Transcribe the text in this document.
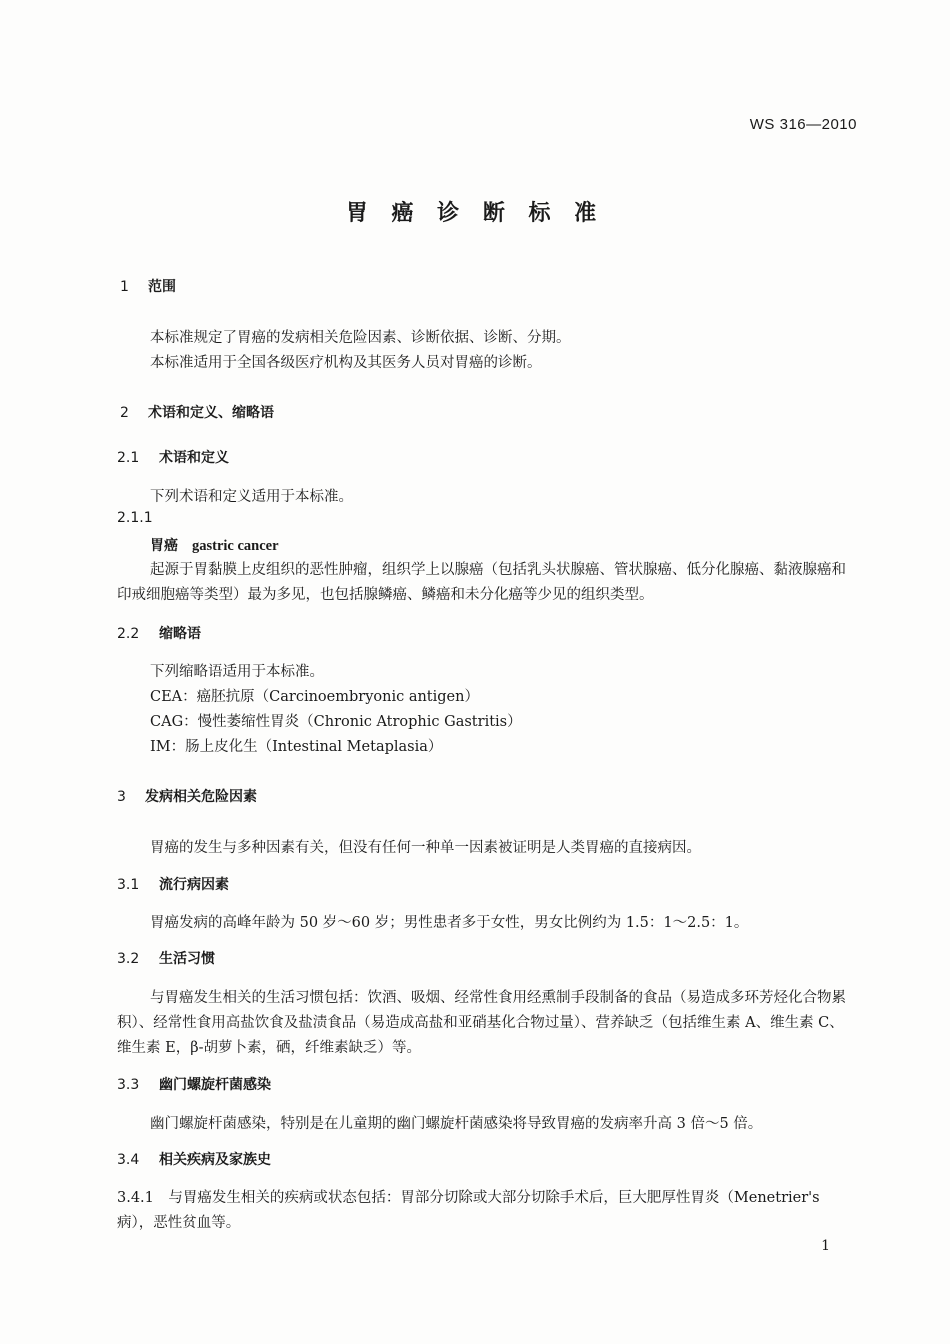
WS 316—2010
胃 癌 诊 断 标 准
1 范围
本标准规定了胃癌的发病相关危险因素、诊断依据、诊断、分期。
本标准适用于全国各级医疗机构及其医务人员对胃癌的诊断。
2 术语和定义、缩略语
2.1 术语和定义
下列术语和定义适用于本标准。
2.1.1
胃癌 gastric cancer
起源于胃黏膜上皮组织的恶性肿瘤，组织学上以腺癌（包括乳头状腺癌、管状腺癌、低分化腺癌、黏液腺癌和印戒细胞癌等类型）最为多见，也包括腺鳞癌、鳞癌和未分化癌等少见的组织类型。
2.2 缩略语
下列缩略语适用于本标准。
CEA：癌胚抗原（Carcinoembryonic antigen）
CAG：慢性萎缩性胃炎（Chronic Atrophic Gastritis）
IM：肠上皮化生（Intestinal Metaplasia）
3 发病相关危险因素
胃癌的发生与多种因素有关，但没有任何一种单一因素被证明是人类胃癌的直接病因。
3.1 流行病因素
胃癌发病的高峰年龄为 50 岁～60 岁；男性患者多于女性，男女比例约为 1.5：1～2.5：1。
3.2 生活习惯
与胃癌发生相关的生活习惯包括：饮酒、吸烟、经常性食用经熏制手段制备的食品（易造成多环芳烃化合物累积）、经常性食用高盐饮食及盐渍食品（易造成高盐和亚硝基化合物过量）、营养缺乏（包括维生素 A、维生素 C、维生素 E，β-胡萝卜素，硒，纤维素缺乏）等。
3.3 幽门螺旋杆菌感染
幽门螺旋杆菌感染，特别是在儿童期的幽门螺旋杆菌感染将导致胃癌的发病率升高 3 倍～5 倍。
3.4 相关疾病及家族史
3.4.1　与胃癌发生相关的疾病或状态包括：胃部分切除或大部分切除手术后，巨大肥厚性胃炎（Menetrier's 病），恶性贫血等。
1
